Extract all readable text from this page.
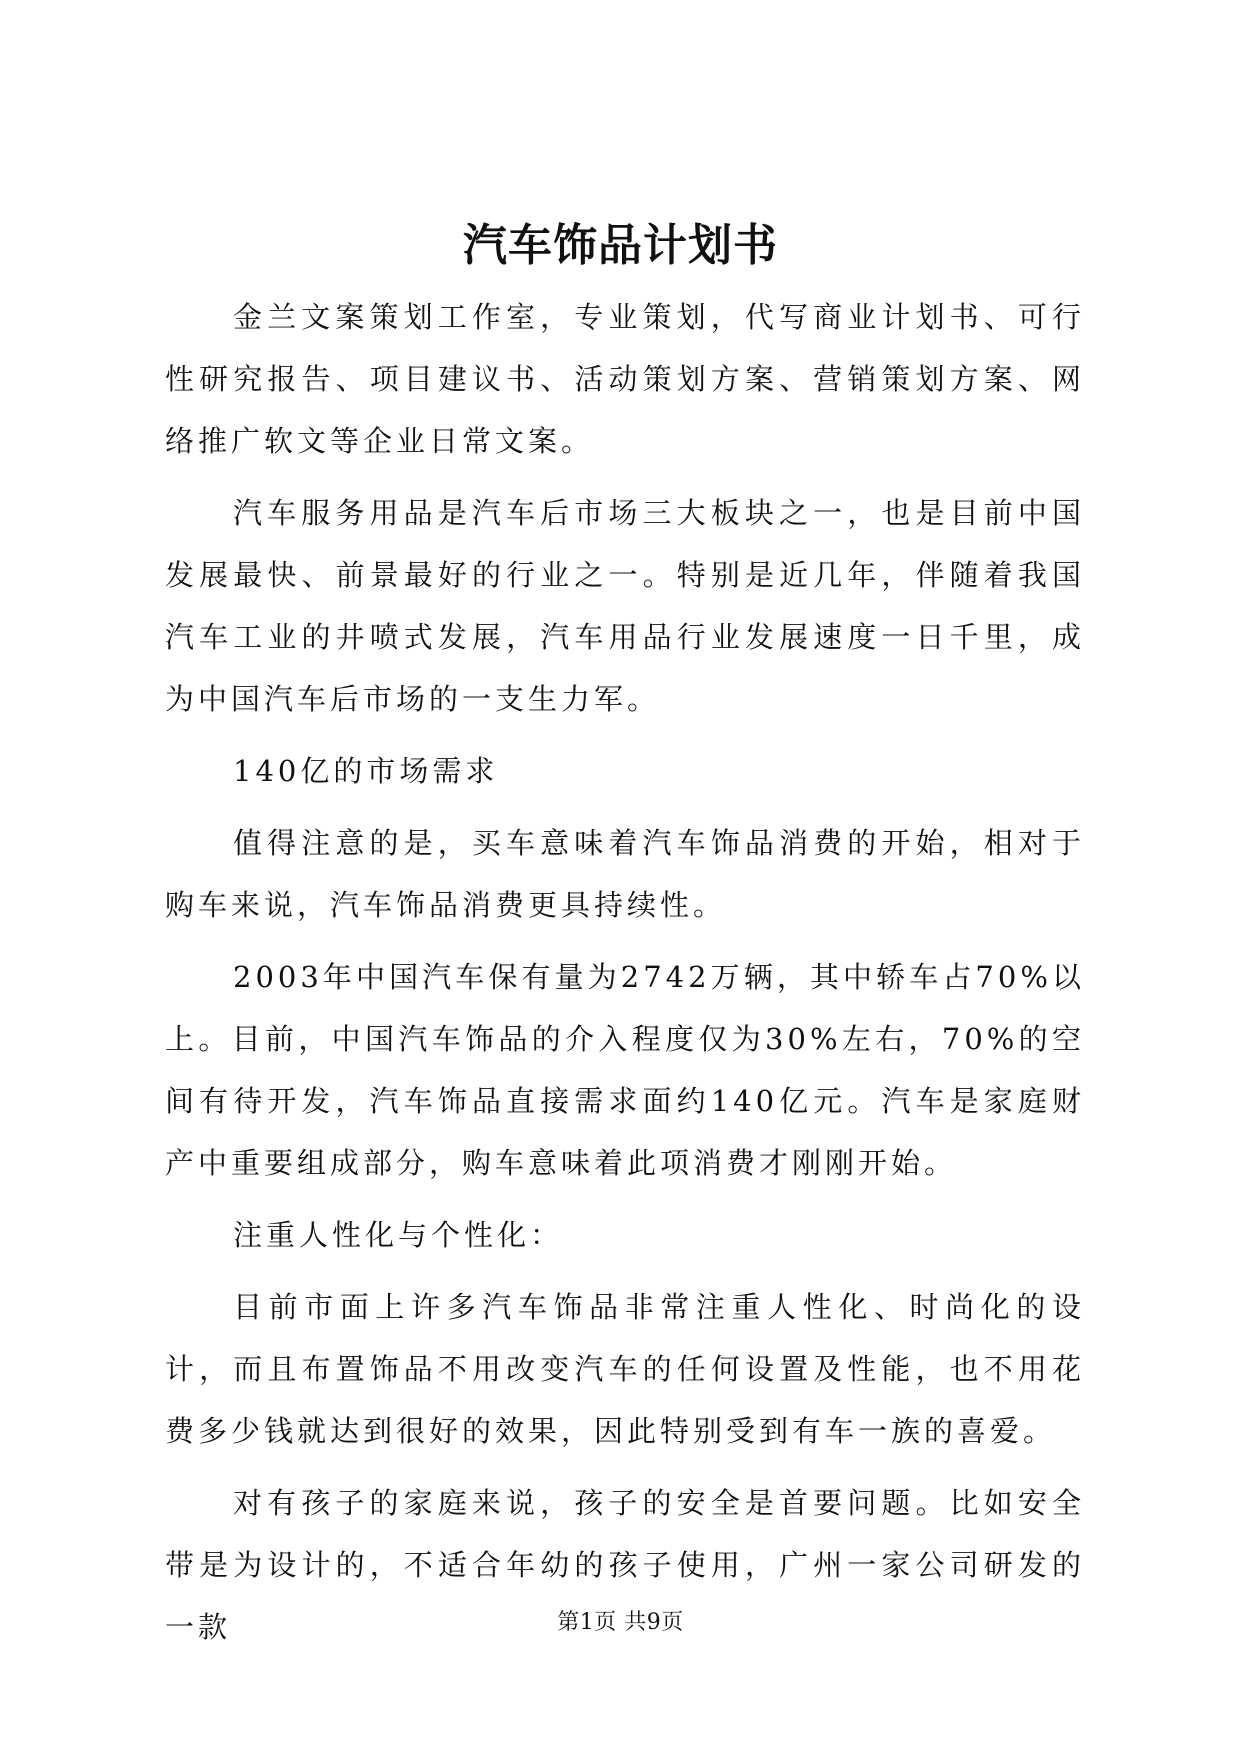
汽车饰品计划书

金兰文案策划工作室，专业策划，代写商业计划书、可行性研究报告、项目建议书、活动策划方案、营销策划方案、网络推广软文等企业日常文案。

汽车服务用品是汽车后市场三大板块之一，也是目前中国发展最快、前景最好的行业之一。特别是近几年，伴随着我国汽车工业的井喷式发展，汽车用品行业发展速度一日千里，成为中国汽车后市场的一支生力军。

140亿的市场需求

值得注意的是，买车意味着汽车饰品消费的开始，相对于购车来说，汽车饰品消费更具持续性。

2003年中国汽车保有量为2742万辆，其中轿车占70%以上。目前，中国汽车饰品的介入程度仅为30%左右，70%的空间有待开发，汽车饰品直接需求面约140亿元。汽车是家庭财产中重要组成部分，购车意味着此项消费才刚刚开始。

注重人性化与个性化：

目前市面上许多汽车饰品非常注重人性化、时尚化的设计，而且布置饰品不用改变汽车的任何设置及性能，也不用花费多少钱就达到很好的效果，因此特别受到有车一族的喜爱。

对有孩子的家庭来说，孩子的安全是首要问题。比如安全带是为设计的，不适合年幼的孩子使用，广州一家公司研发的一款	第1页 共9页
